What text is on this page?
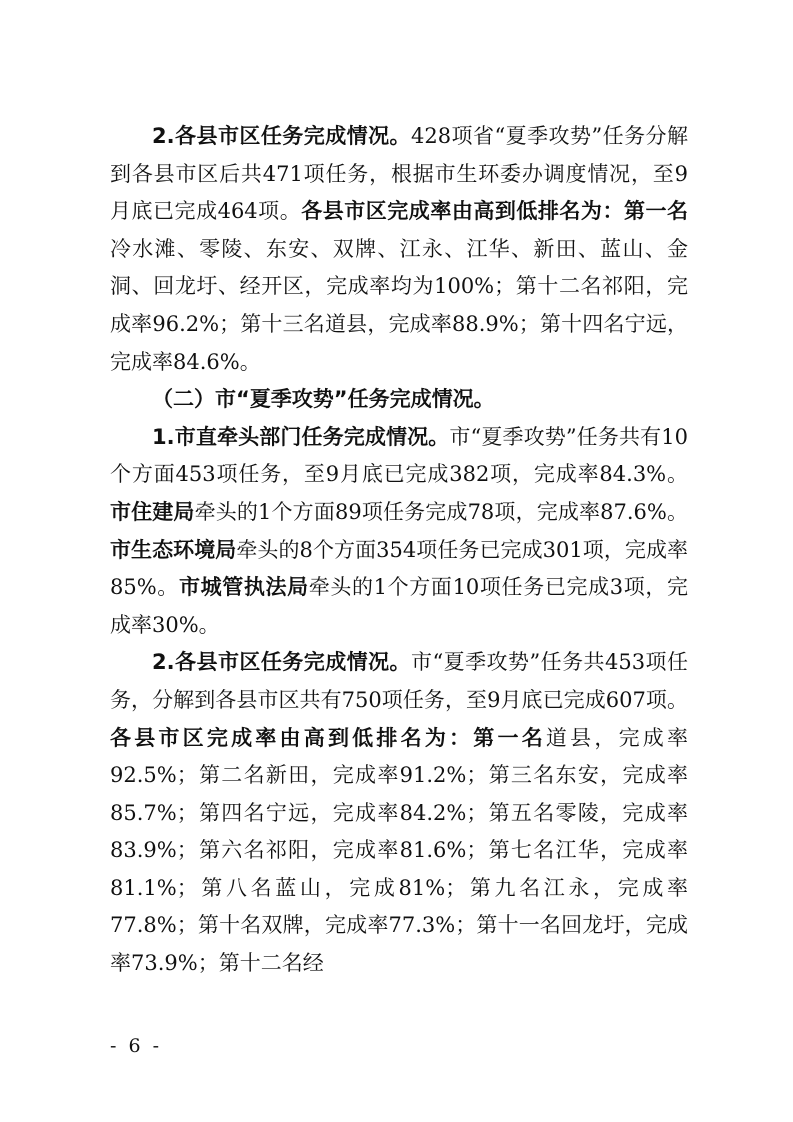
2.各县市区任务完成情况。428项省“夏季攻势”任务分解到各县市区后共471项任务，根据市生环委办调度情况，至9月底已完成464项。各县市区完成率由高到低排名为：第一名冷水滩、零陵、东安、双牌、江永、江华、新田、蓝山、金洞、回龙圩、经开区，完成率均为100%；第十二名祁阳，完成率96.2%；第十三名道县，完成率88.9%；第十四名宁远，完成率84.6%。

（二）市“夏季攻势”任务完成情况。

1.市直牵头部门任务完成情况。市“夏季攻势”任务共有10个方面453项任务，至9月底已完成382项，完成率84.3%。市住建局牵头的1个方面89项任务完成78项，完成率87.6%。市生态环境局牵头的8个方面354项任务已完成301项，完成率85%。市城管执法局牵头的1个方面10项任务已完成3项，完成率30%。

2.各县市区任务完成情况。市“夏季攻势”任务共453项任务，分解到各县市区共有750项任务，至9月底已完成607项。各县市区完成率由高到低排名为：第一名道县，完成率92.5%；第二名新田，完成率91.2%；第三名东安，完成率85.7%；第四名宁远，完成率84.2%；第五名零陵，完成率83.9%；第六名祁阳，完成率81.6%；第七名江华，完成率81.1%；第八名蓝山，完成81%；第九名江永，完成率77.8%；第十名双牌，完成率77.3%；第十一名回龙圩，完成率73.9%；第十二名经

- 6 -
